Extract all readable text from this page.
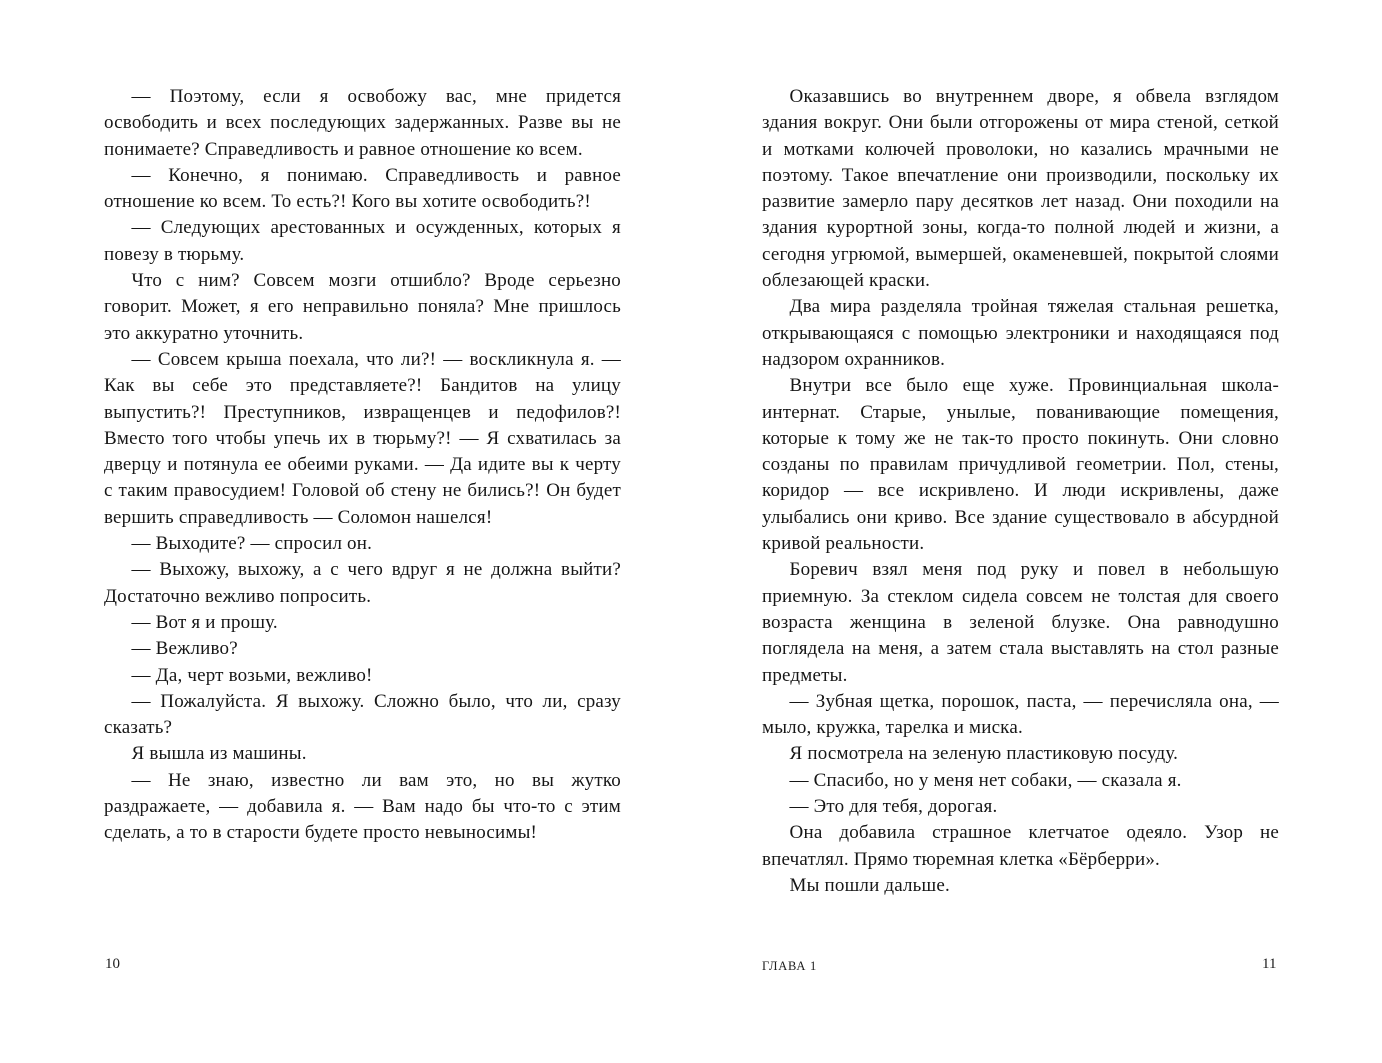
— Поэтому, если я освобожу вас, мне придется освободить и всех последующих задержанных. Разве вы не понимаете? Справедливость и равное отношение ко всем.

— Конечно, я понимаю. Справедливость и равное отношение ко всем. То есть?! Кого вы хотите освободить?!

— Следующих арестованных и осужденных, которых я повезу в тюрьму.

Что с ним? Совсем мозги отшибло? Вроде серьезно говорит. Может, я его неправильно поняла? Мне пришлось это аккуратно уточнить.

— Совсем крыша поехала, что ли?! — воскликнула я. — Как вы себе это представляете?! Бандитов на улицу выпустить?! Преступников, извращенцев и педофилов?! Вместо того чтобы упечь их в тюрьму?! — Я схватилась за дверцу и потянула ее обеими руками. — Да идите вы к черту с таким правосудием! Головой об стену не бились?! Он будет вершить справедливость — Соломон нашелся!

— Выходите? — спросил он.

— Выхожу, выхожу, а с чего вдруг я не должна выйти? Достаточно вежливо попросить.

— Вот я и прошу.

— Вежливо?

— Да, черт возьми, вежливо!

— Пожалуйста. Я выхожу. Сложно было, что ли, сразу сказать?

Я вышла из машины.

— Не знаю, известно ли вам это, но вы жутко раздражаете, — добавила я. — Вам надо бы что-то с этим сделать, а то в старости будете просто невыносимы!

Оказавшись во внутреннем дворе, я обвела взглядом здания вокруг. Они были отгорожены от мира стеной, сеткой и мотками колючей проволоки, но казались мрачными не поэтому. Такое впечатление они производили, поскольку их развитие замерло пару десятков лет назад. Они походили на здания курортной зоны, когда-то полной людей и жизни, а сегодня угрюмой, вымершей, окаменевшей, покрытой слоями облезающей краски.

Два мира разделяла тройная тяжелая стальная решетка, открывающаяся с помощью электроники и находящаяся под надзором охранников.

Внутри все было еще хуже. Провинциальная школа-интернат. Старые, унылые, пованивающие помещения, которые к тому же не так-то просто покинуть. Они словно созданы по правилам причудливой геометрии. Пол, стены, коридор — все искривлено. И люди искривлены, даже улыбались они криво. Все здание существовало в абсурдной кривой реальности.

Боревич взял меня под руку и повел в небольшую приемную. За стеклом сидела совсем не толстая для своего возраста женщина в зеленой блузке. Она равнодушно поглядела на меня, а затем стала выставлять на стол разные предметы.

— Зубная щетка, порошок, паста, — перечисляла она, — мыло, кружка, тарелка и миска.

Я посмотрела на зеленую пластиковую посуду.

— Спасибо, но у меня нет собаки, — сказала я.

— Это для тебя, дорогая.

Она добавила страшное клетчатое одеяло. Узор не впечатлял. Прямо тюремная клетка «Бёрберри».

Мы пошли дальше.

10	ГЛАВА 1	11
